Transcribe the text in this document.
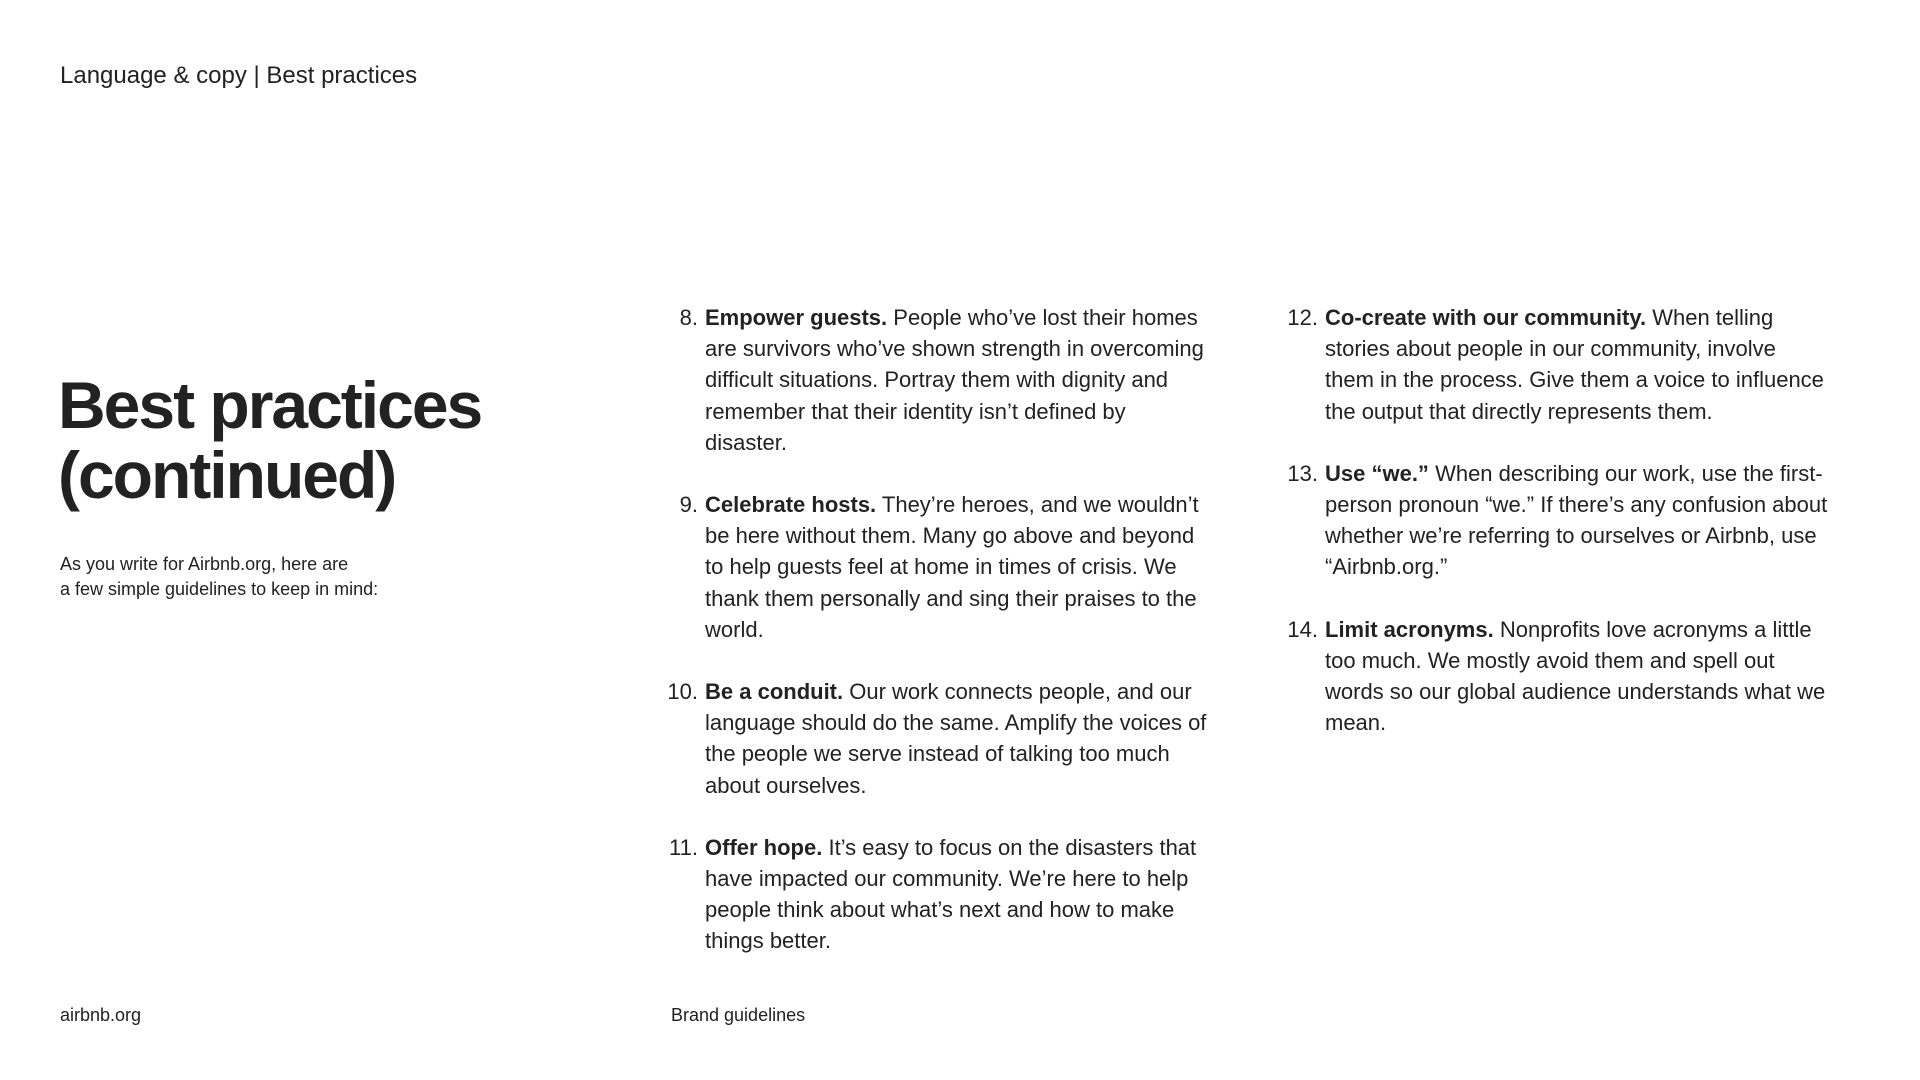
Language & copy | Best practices
Best practices
(continued)
As you write for Airbnb.org, here are
a few simple guidelines to keep in mind:
8. Empower guests. People who’ve lost their homes are survivors who’ve shown strength in overcoming difficult situations. Portray them with dignity and remember that their identity isn’t defined by disaster.
9. Celebrate hosts. They’re heroes, and we wouldn’t be here without them. Many go above and beyond to help guests feel at home in times of crisis. We thank them personally and sing their praises to the world.
10. Be a conduit. Our work connects people, and our language should do the same. Amplify the voices of the people we serve instead of talking too much about ourselves.
11. Offer hope. It’s easy to focus on the disasters that have impacted our community. We’re here to help people think about what’s next and how to make things better.
12. Co-create with our community. When telling stories about people in our community, involve them in the process. Give them a voice to influence the output that directly represents them.
13. Use “we.” When describing our work, use the first-person pronoun “we.” If there’s any confusion about whether we’re referring to ourselves or Airbnb, use “Airbnb.org.”
14. Limit acronyms. Nonprofits love acronyms a little too much. We mostly avoid them and spell out words so our global audience understands what we mean.
airbnb.org	Brand guidelines
